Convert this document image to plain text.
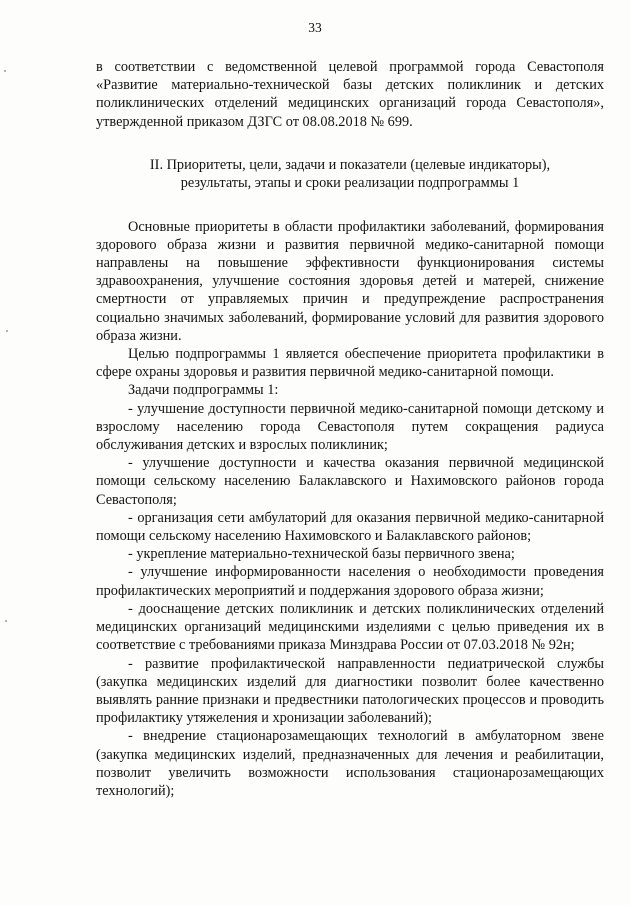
33

в соответствии с ведомственной целевой программой города Севастополя «Развитие материально-технической базы детских поликлиник и детских поликлинических отделений медицинских организаций города Севастополя», утвержденной приказом ДЗГС от 08.08.2018 № 699.

II. Приоритеты, цели, задачи и показатели (целевые индикаторы), результаты, этапы и сроки реализации подпрограммы 1

Основные приоритеты в области профилактики заболеваний, формирования здорового образа жизни и развития первичной медико-санитарной помощи направлены на повышение эффективности функционирования системы здравоохранения, улучшение состояния здоровья детей и матерей, снижение смертности от управляемых причин и предупреждение распространения социально значимых заболеваний, формирование условий для развития здорового образа жизни.

Целью подпрограммы 1 является обеспечение приоритета профилактики в сфере охраны здоровья и развития первичной медико-санитарной помощи.

Задачи подпрограммы 1:

- улучшение доступности первичной медико-санитарной помощи детскому и взрослому населению города Севастополя путем сокращения радиуса обслуживания детских и взрослых поликлиник;

- улучшение доступности и качества оказания первичной медицинской помощи сельскому населению Балаклавского и Нахимовского районов города Севастополя;

- организация сети амбулаторий для оказания первичной медико-санитарной помощи сельскому населению Нахимовского и Балаклавского районов;

- укрепление материально-технической базы первичного звена;

- улучшение информированности населения о необходимости проведения профилактических мероприятий и поддержания здорового образа жизни;

- дооснащение детских поликлиник и детских поликлинических отделений медицинских организаций медицинскими изделиями с целью приведения их в соответствие с требованиями приказа Минздрава России от 07.03.2018 № 92н;

- развитие профилактической направленности педиатрической службы (закупка медицинских изделий для диагностики позволит более качественно выявлять ранние признаки и предвестники патологических процессов и проводить профилактику утяжеления и хронизации заболеваний);

- внедрение стационарозамещающих технологий в амбулаторном звене (закупка медицинских изделий, предназначенных для лечения и реабилитации, позволит увеличить возможности использования стационарозамещающих технологий);
